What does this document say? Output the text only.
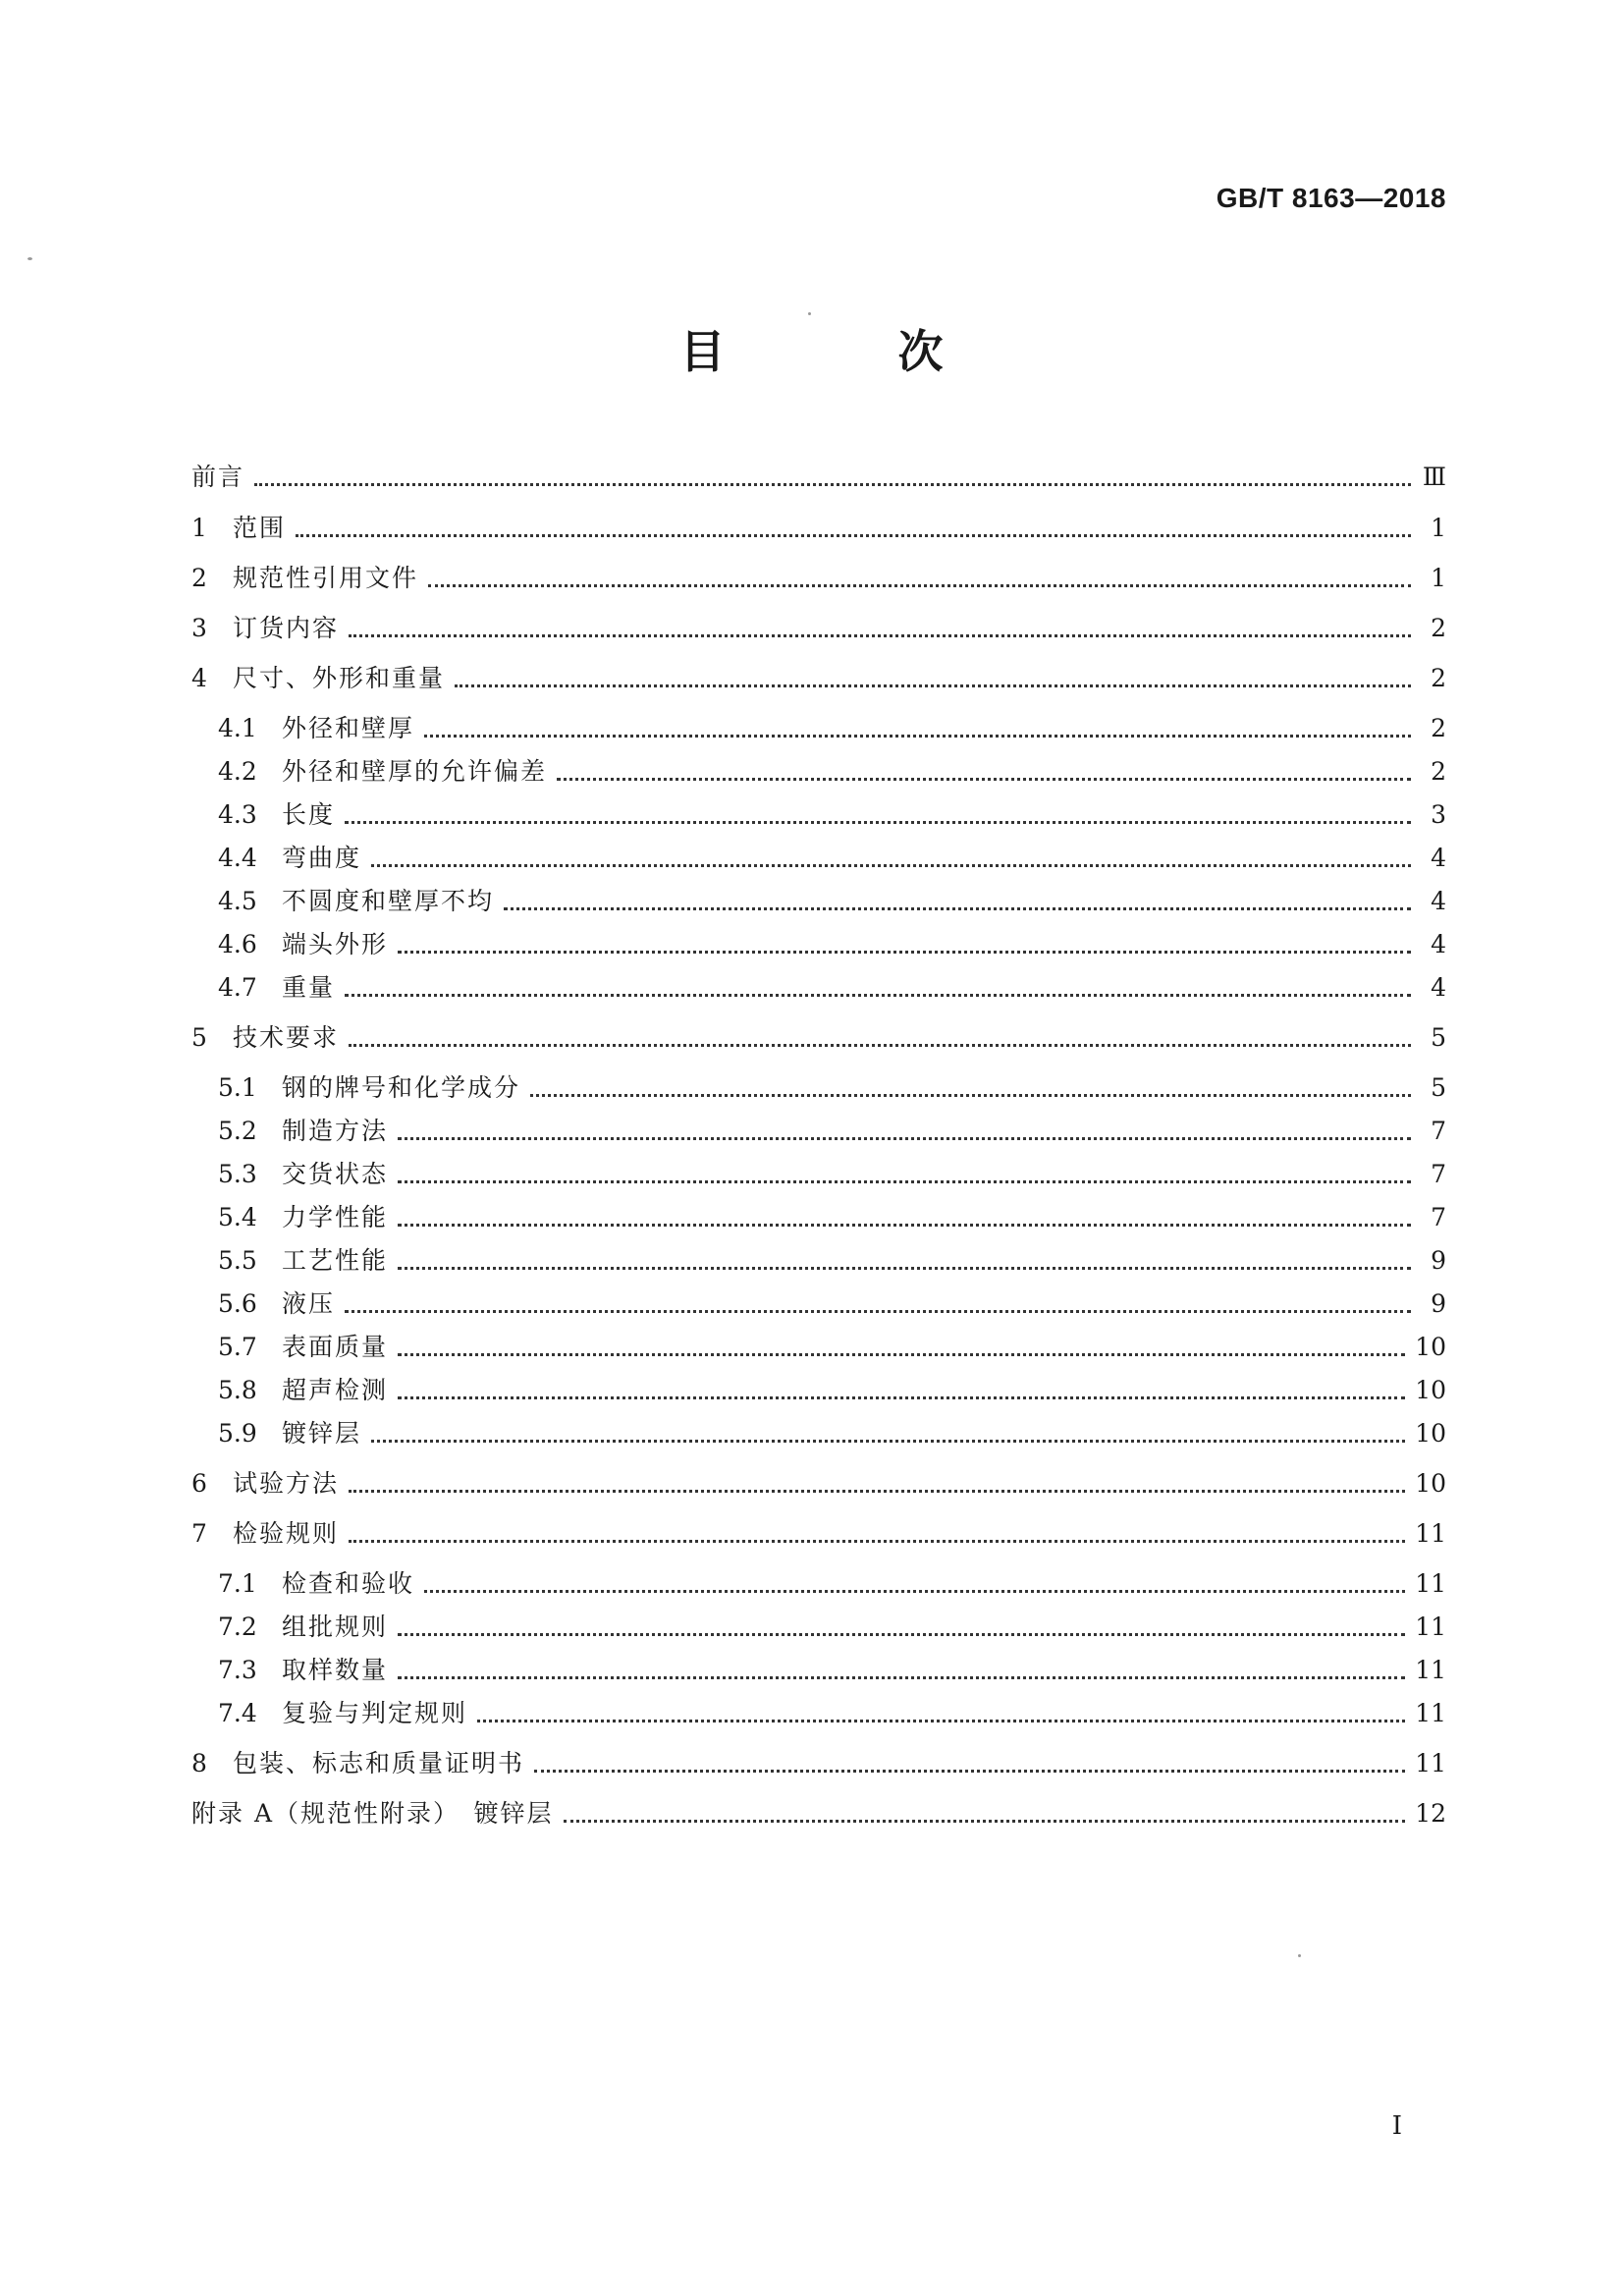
GB/T 8163—2018
目 次
前言	Ⅲ
1	范围	1
2	规范性引用文件	1
3	订货内容	2
4	尺寸、外形和重量	2
4.1	外径和壁厚	2
4.2	外径和壁厚的允许偏差	2
4.3	长度	3
4.4	弯曲度	4
4.5	不圆度和壁厚不均	4
4.6	端头外形	4
4.7	重量	4
5	技术要求	5
5.1	钢的牌号和化学成分	5
5.2	制造方法	7
5.3	交货状态	7
5.4	力学性能	7
5.5	工艺性能	9
5.6	液压	9
5.7	表面质量	10
5.8	超声检测	10
5.9	镀锌层	10
6	试验方法	10
7	检验规则	11
7.1	检查和验收	11
7.2	组批规则	11
7.3	取样数量	11
7.4	复验与判定规则	11
8	包装、标志和质量证明书	11
附录 A（规范性附录）　镀锌层	12
I
